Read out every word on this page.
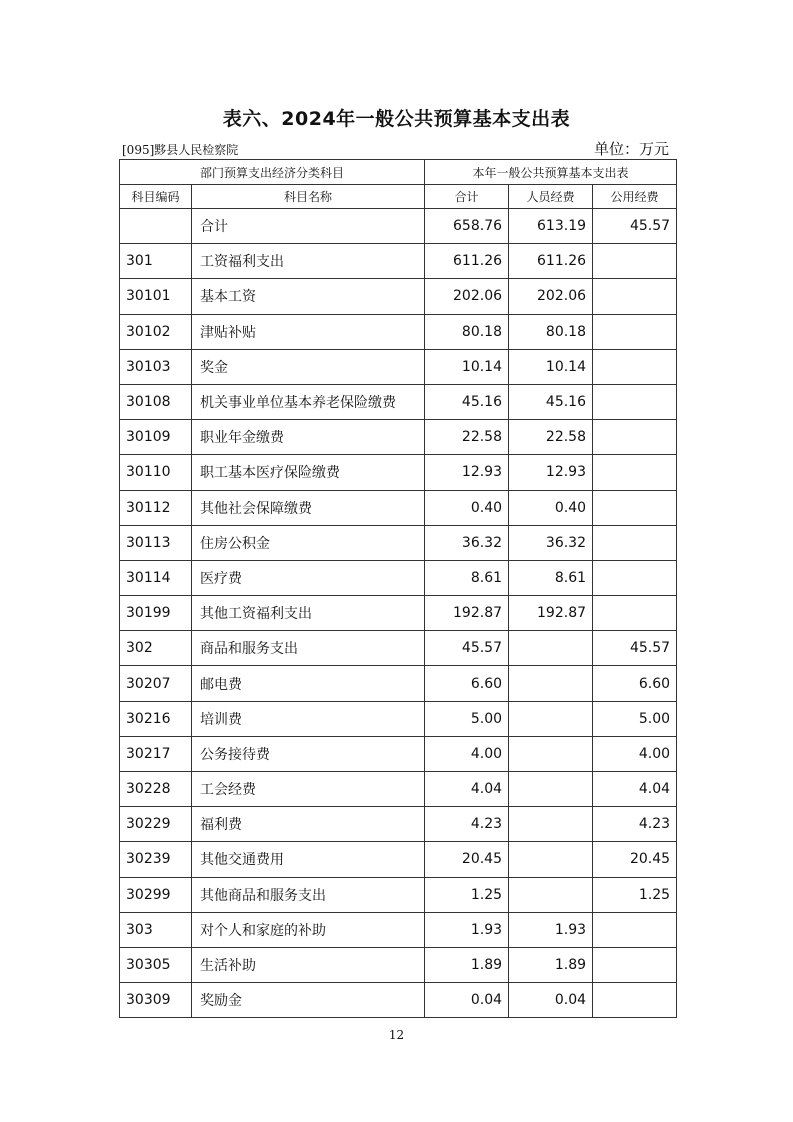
表六、2024年一般公共预算基本支出表
[095]黟县人民检察院	单位：万元
部门预算支出经济分类科目		本年一般公共预算基本支出表		
科目编码	科目名称	合计	人员经费	公用经费
	合计	658.76	613.19	45.57
301	工资福利支出	611.26	611.26	
30101	基本工资	202.06	202.06	
30102	津贴补贴	80.18	80.18	
30103	奖金	10.14	10.14	
30108	机关事业单位基本养老保险缴费	45.16	45.16	
30109	职业年金缴费	22.58	22.58	
30110	职工基本医疗保险缴费	12.93	12.93	
30112	其他社会保障缴费	0.40	0.40	
30113	住房公积金	36.32	36.32	
30114	医疗费	8.61	8.61	
30199	其他工资福利支出	192.87	192.87	
302	商品和服务支出	45.57		45.57
30207	邮电费	6.60		6.60
30216	培训费	5.00		5.00
30217	公务接待费	4.00		4.00
30228	工会经费	4.04		4.04
30229	福利费	4.23		4.23
30239	其他交通费用	20.45		20.45
30299	其他商品和服务支出	1.25		1.25
303	对个人和家庭的补助	1.93	1.93	
30305	生活补助	1.89	1.89	
30309	奖励金	0.04	0.04	
12
